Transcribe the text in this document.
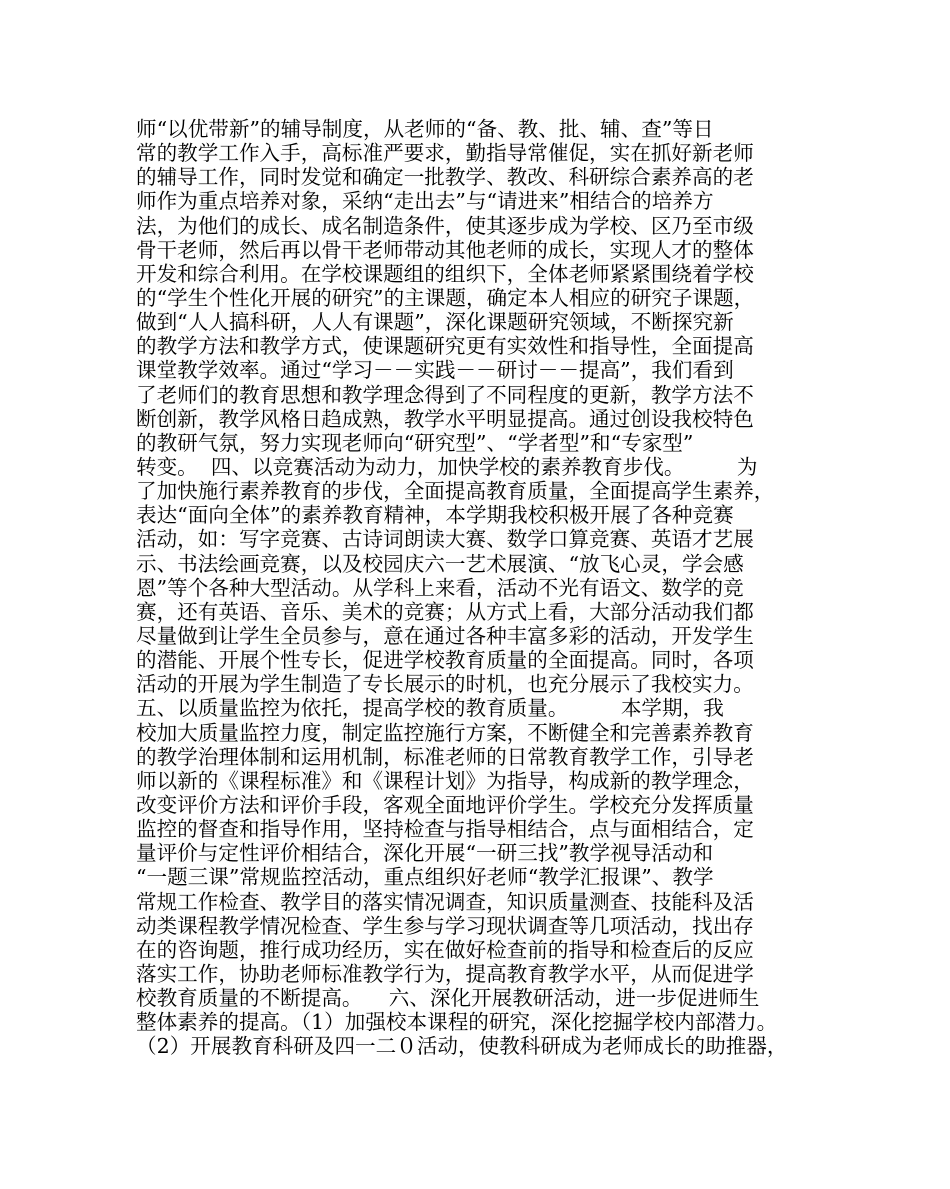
师“以优带新”的辅导制度，从老师的“备、教、批、辅、查”等日
常的教学工作入手，高标准严要求，勤指导常催促，实在抓好新老师
的辅导工作，同时发觉和确定一批教学、教改、科研综合素养高的老
师作为重点培养对象，采纳“走出去”与“请进来”相结合的培养方
法，为他们的成长、成名制造条件，使其逐步成为学校、区乃至市级
骨干老师，然后再以骨干老师带动其他老师的成长，实现人才的整体
开发和综合利用。在学校课题组的组织下，全体老师紧紧围绕着学校
的“学生个性化开展的研究”的主课题，确定本人相应的研究子课题，
做到“人人搞科研，人人有课题”，深化课题研究领域，不断探究新
的教学方法和教学方式，使课题研究更有实效性和指导性，全面提高
课堂教学效率。通过“学习－－实践－－研讨－－提高”，我们看到
了老师们的教育思想和教学理念得到了不同程度的更新，教学方法不
断创新，教学风格日趋成熟，教学水平明显提高。通过创设我校特色
的教研气氛，努力实现老师向“研究型”、“学者型”和“专家型”
转变。  四、以竞赛活动为动力，加快学校的素养教育步伐。        为
了加快施行素养教育的步伐，全面提高教育质量，全面提高学生素养，
表达“面向全体”的素养教育精神，本学期我校积极开展了各种竞赛
活动，如：写字竞赛、古诗词朗读大赛、数学口算竞赛、英语才艺展
示、书法绘画竞赛，以及校园庆六一艺术展演、“放飞心灵，学会感
恩”等个各种大型活动。从学科上来看，活动不光有语文、数学的竞
赛，还有英语、音乐、美术的竞赛；从方式上看，大部分活动我们都
尽量做到让学生全员参与，意在通过各种丰富多彩的活动，开发学生
的潜能、开展个性专长，促进学校教育质量的全面提高。同时，各项
活动的开展为学生制造了专长展示的时机，也充分展示了我校实力。
五、以质量监控为依托，提高学校的教育质量。        本学期，我
校加大质量监控力度，制定监控施行方案，不断健全和完善素养教育
的教学治理体制和运用机制，标准老师的日常教育教学工作，引导老
师以新的《课程标准》和《课程计划》为指导，构成新的教学理念，
改变评价方法和评价手段，客观全面地评价学生。学校充分发挥质量
监控的督查和指导作用，坚持检查与指导相结合，点与面相结合，定
量评价与定性评价相结合，深化开展“一研三找”教学视导活动和
“一题三课”常规监控活动，重点组织好老师“教学汇报课”、教学
常规工作检查、教学目的落实情况调查，知识质量测查、技能科及活
动类课程教学情况检查、学生参与学习现状调查等几项活动，找出存
在的咨询题，推行成功经历，实在做好检查前的指导和检查后的反应
落实工作，协助老师标准教学行为，提高教育教学水平，从而促进学
校教育质量的不断提高。    六、深化开展教研活动，进一步促进师生
整体素养的提高。（1）加强校本课程的研究，深化挖掘学校内部潜力。
（2）开展教育科研及四一二０活动，使教科研成为老师成长的助推器，
